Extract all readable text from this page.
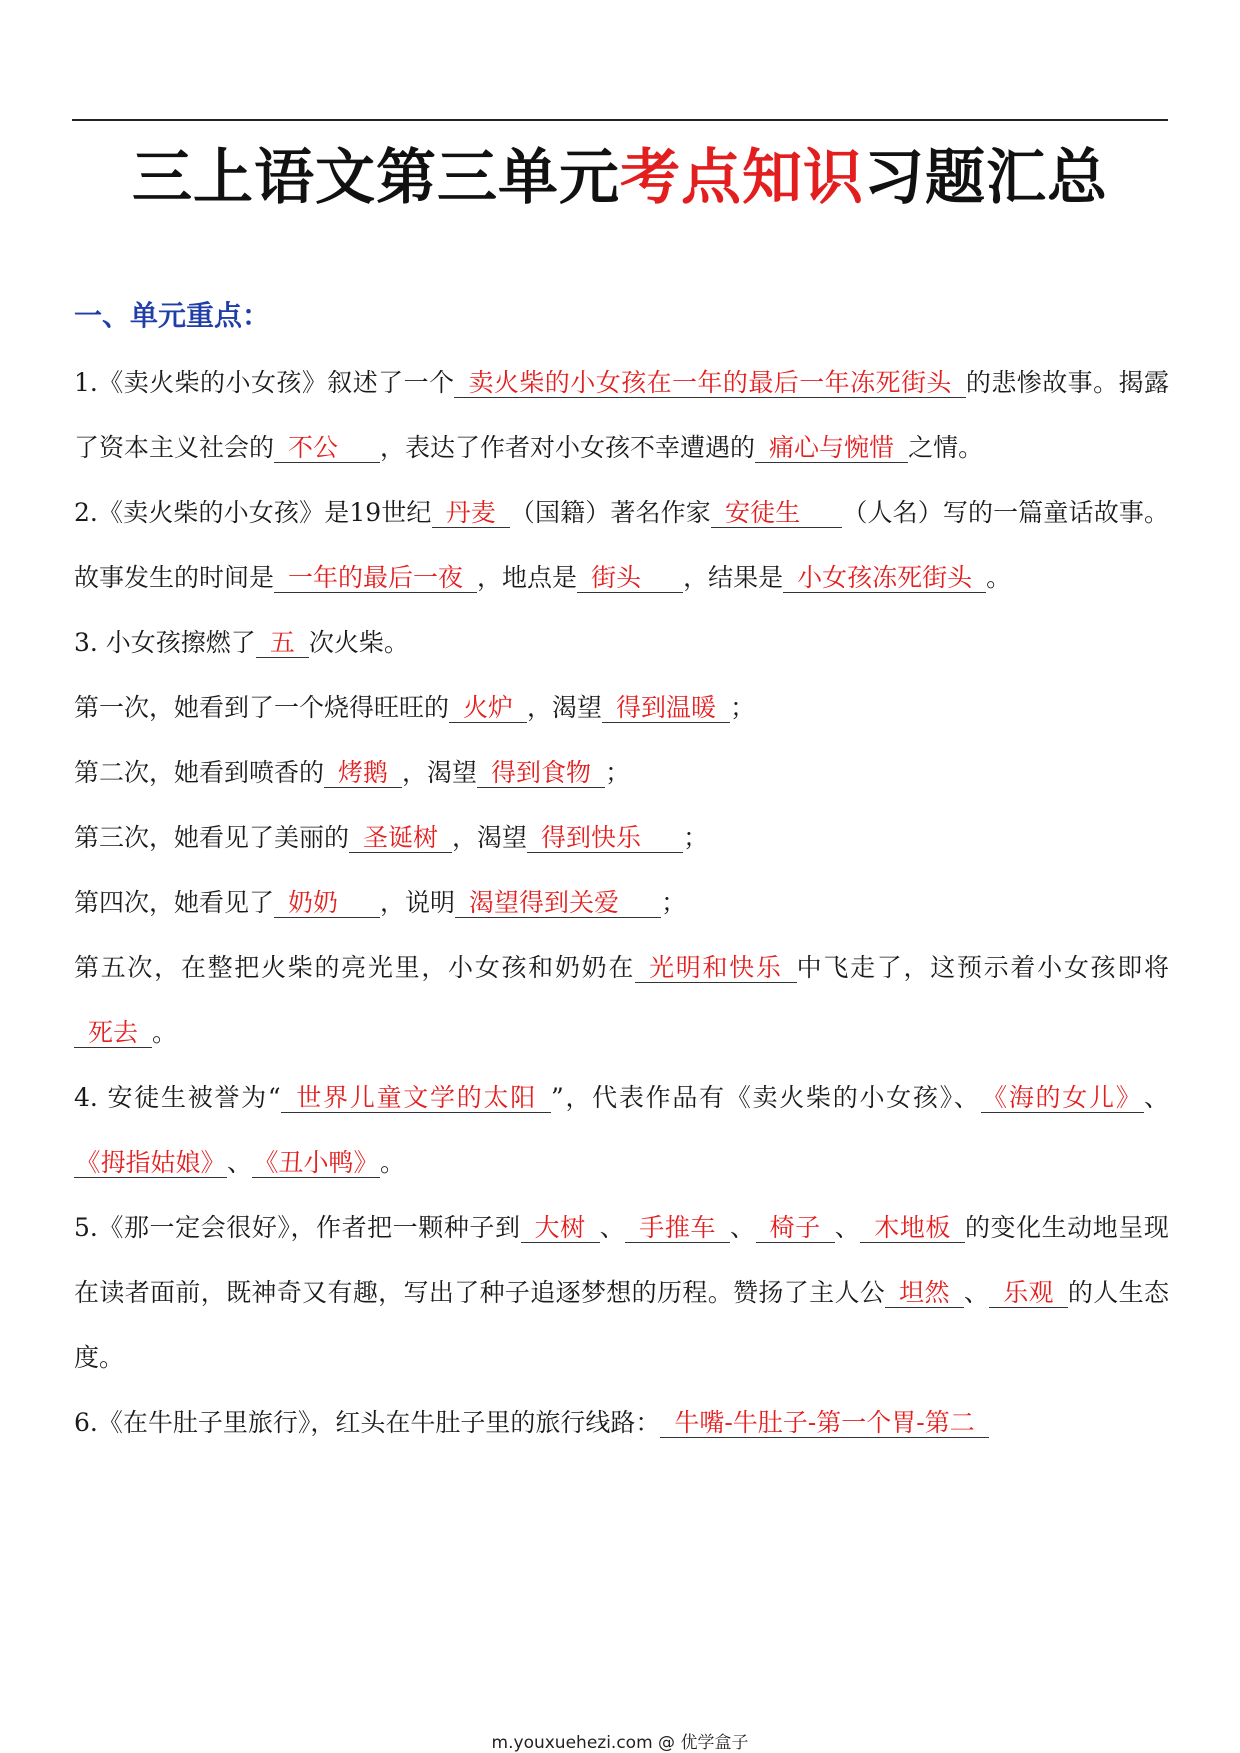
三上语文第三单元考点知识习题汇总
一、单元重点：

1.《卖火柴的小女孩》叙述了一个 卖火柴的小女孩在一年的最后一年冻死街头 的悲惨故事。揭露了资本主义社会的 不公 ，表达了作者对小女孩不幸遭遇的 痛心与惋惜 之情。

2.《卖火柴的小女孩》是19世纪 丹麦 （国籍）著名作家 安徒生 （人名）写的一篇童话故事。故事发生的时间是 一年的最后一夜 ，地点是 街头 ，结果是 小女孩冻死街头 。

3. 小女孩擦燃了 五 次火柴。

第一次，她看到了一个烧得旺旺的 火炉 ，渴望 得到温暖 ；

第二次，她看到喷香的 烤鹅 ，渴望 得到食物 ；

第三次，她看见了美丽的 圣诞树 ，渴望 得到快乐 ；

第四次，她看见了 奶奶 ，说明 渴望得到关爱 ；

第五次，在整把火柴的亮光里，小女孩和奶奶在 光明和快乐 中飞走了，这预示着小女孩即将死去 。

4. 安徒生被誉为“ 世界儿童文学的太阳 ”，代表作品有《卖火柴的小女孩》、 《海的女儿》 、《拇指姑娘》 、 《丑小鸭》 。

5.《那一定会很好》，作者把一颗种子到 大树 、 手推车 、 椅子 、 木地板 的变化生动地呈现在读者面前，既神奇又有趣，写出了种子追逐梦想的历程。赞扬了主人公 坦然 、 乐观 的人生态度。

6.《在牛肚子里旅行》，红头在牛肚子里的旅行线路： 牛嘴-牛肚子-第一个胃-第二

m.youxuehezi.com @ 优学盒子
